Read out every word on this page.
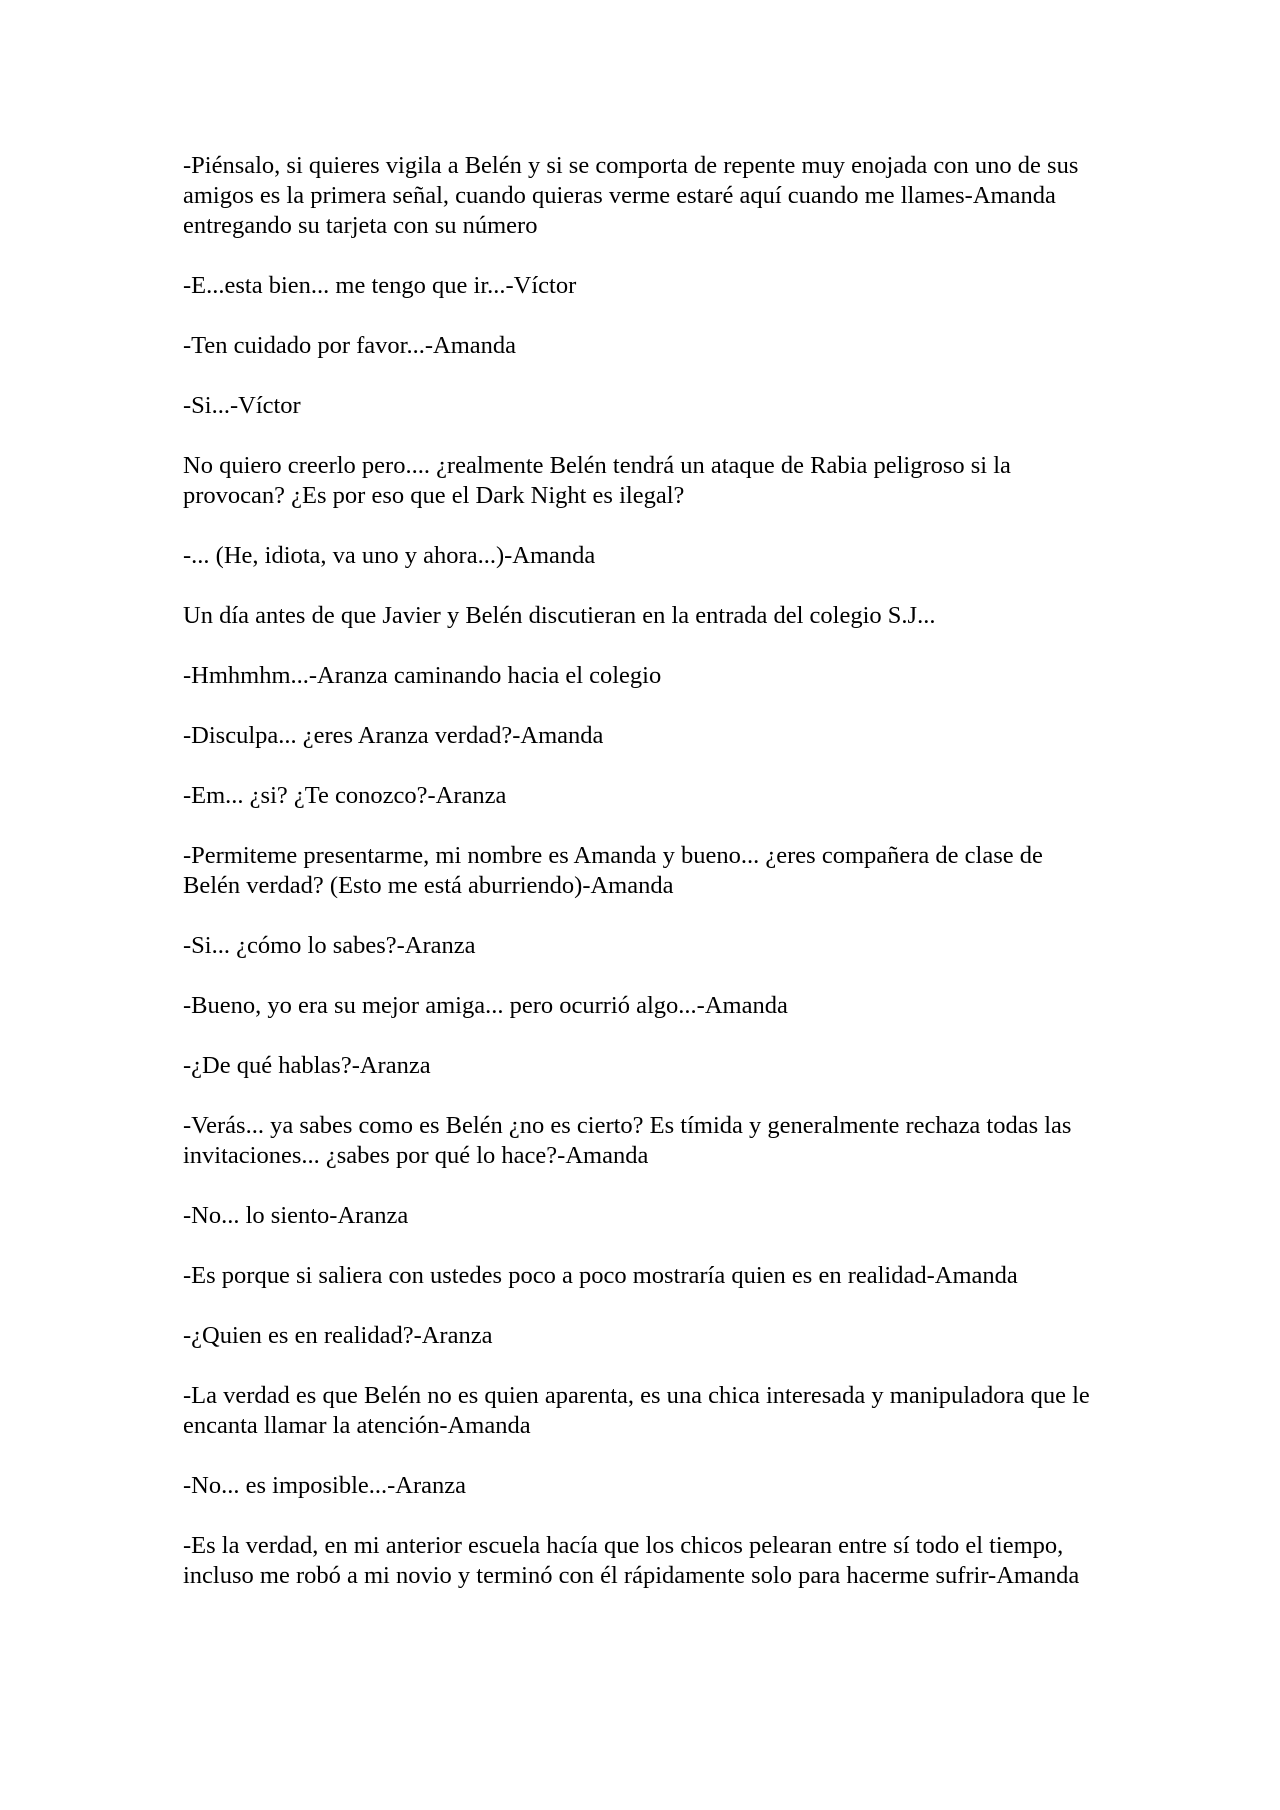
-Piénsalo, si quieres vigila a Belén y si se comporta de repente muy enojada con uno de sus amigos es la primera señal, cuando quieras verme estaré aquí cuando me llames-Amanda entregando su tarjeta con su número

-E...esta bien... me tengo que ir...-Víctor

-Ten cuidado por favor...-Amanda

-Si...-Víctor

No quiero creerlo pero.... ¿realmente Belén tendrá un ataque de Rabia peligroso si la provocan? ¿Es por eso que el Dark Night es ilegal?

-... (He, idiota, va uno y ahora...)-Amanda

Un día antes de que Javier y Belén discutieran en la entrada del colegio S.J...

-Hmhmhm...-Aranza caminando hacia el colegio

-Disculpa... ¿eres Aranza verdad?-Amanda

-Em... ¿si? ¿Te conozco?-Aranza

-Permiteme presentarme, mi nombre es Amanda y bueno... ¿eres compañera de clase de Belén verdad? (Esto me está aburriendo)-Amanda

-Si... ¿cómo lo sabes?-Aranza

-Bueno, yo era su mejor amiga... pero ocurrió algo...-Amanda

-¿De qué hablas?-Aranza

-Verás... ya sabes como es Belén ¿no es cierto? Es tímida y generalmente rechaza todas las invitaciones... ¿sabes por qué lo hace?-Amanda

-No... lo siento-Aranza

-Es porque si saliera con ustedes poco a poco mostraría quien es en realidad-Amanda

-¿Quien es en realidad?-Aranza

-La verdad es que Belén no es quien aparenta, es una chica interesada y manipuladora que le encanta llamar la atención-Amanda

-No... es imposible...-Aranza

-Es la verdad, en mi anterior escuela hacía que los chicos pelearan entre sí todo el tiempo, incluso me robó a mi novio y terminó con él rápidamente solo para hacerme sufrir-Amanda
